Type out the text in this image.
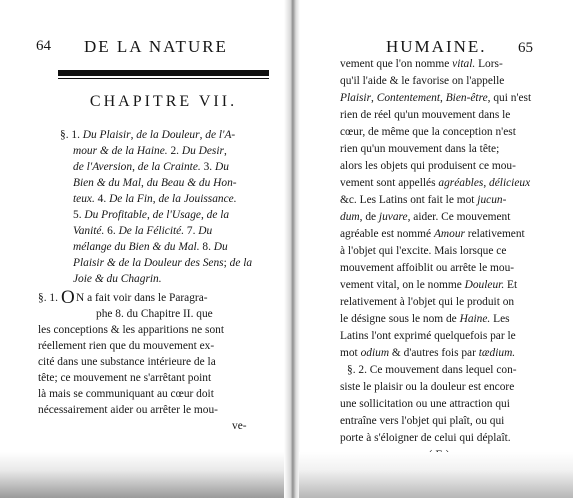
64 DE LA NATURE
CHAPITRE VII.
§. 1. Du Plaisir, de la Douleur, de l'A-
mour & de la Haine. 2. Du Desir,
de l'Aversion, de la Crainte. 3. Du
Bien & du Mal, du Beau & du Hon-
teux. 4. De la Fin, de la Jouissance.
5. Du Profitable, de l'Usage, de la
Vanité. 6. De la Félicité. 7. Du
mélange du Bien & du Mal. 8. Du
Plaisir & de la Douleur des Sens; de la
Joie & du Chagrin.
§. 1. O N a fait voir dans le Paragra-
phe 8. du Chapitre II. que
les conceptions & les apparitions ne sont
réellement rien que du mouvement ex-
cité dans une substance intérieure de la
tête; ce mouvement ne s'arrêtant point
là mais se communiquant au cœur doit
nécessairement aider ou arrêter le mou-
ve-
HUMAINE. 65
vement que l'on nomme vital. Lors-
qu'il l'aide & le favorise on l'appelle
Plaisir, Contentement, Bien-être, qui n'est
rien de réel qu'un mouvement dans le
cœur, de même que la conception n'est
rien qu'un mouvement dans la tête;
alors les objets qui produisent ce mou-
vement sont appellés agréables, délicieux
&c. Les Latins ont fait le mot jucun-
dum, de juvare, aider. Ce mouvement
agréable est nommé Amour relativement
à l'objet qui l'excite. Mais lorsque ce
mouvement affoiblit ou arrête le mou-
vement vital, on le nomme Douleur. Et
relativement à l'objet qui le produit on
le désigne sous le nom de Haine. Les
Latins l'ont exprimé quelquefois par le
mot odium & d'autres fois par tædium.
§. 2. Ce mouvement dans lequel con-
siste le plaisir ou la douleur est encore
une sollicitation ou une attraction qui
entraîne vers l'objet qui plaît, ou qui
porte à s'éloigner de celui qui déplaît.
